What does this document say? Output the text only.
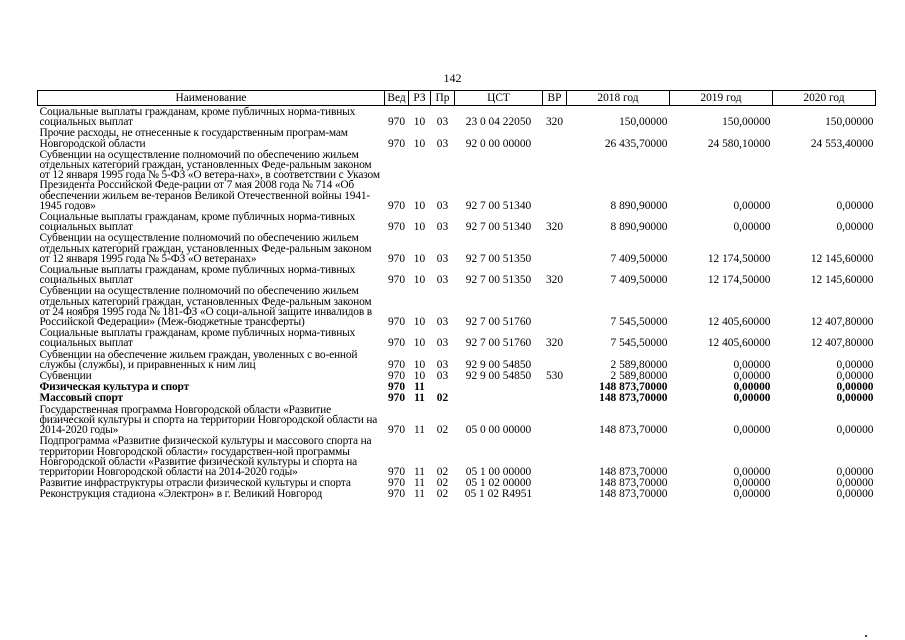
142
Наименование	Вед	РЗ	Пр	ЦСТ	ВР	2018 год	2019 год	2020 год
Социальные выплаты гражданам, кроме публичных норма-тивных социальных выплат	970	10	03	23 0 04 22050	320	150,00000	150,00000	150,00000
Прочие расходы, не отнесенные к государственным програм-мам Новгородской области	970	10	03	92 0 00 00000		26 435,70000	24 580,10000	24 553,40000
Субвенции на осуществление полномочий по обеспечению жильем отдельных категорий граждан, установленных Феде-ральным законом от 12 января 1995 года № 5-ФЗ «О ветера-нах», в соответствии с Указом Президента Российской Феде-рации от 7 мая 2008 года № 714 «Об обеспечении жильем ве-теранов Великой Отечественной войны 1941-1945 годов»	970	10	03	92 7 00 51340		8 890,90000	0,00000	0,00000
Социальные выплаты гражданам, кроме публичных норма-тивных социальных выплат	970	10	03	92 7 00 51340	320	8 890,90000	0,00000	0,00000
Субвенции на осуществление полномочий по обеспечению жильем отдельных категорий граждан, установленных Феде-ральным законом от 12 января 1995 года № 5-ФЗ «О ветеранах»	970	10	03	92 7 00 51350		7 409,50000	12 174,50000	12 145,60000
Социальные выплаты гражданам, кроме публичных норма-тивных социальных выплат	970	10	03	92 7 00 51350	320	7 409,50000	12 174,50000	12 145,60000
Субвенции на осуществление полномочий по обеспечению жильем отдельных категорий граждан, установленных Феде-ральным законом от 24 ноября 1995 года № 181-ФЗ «О соци-альной защите инвалидов в Российской Федерации» (Меж-бюджетные трансферты)	970	10	03	92 7 00 51760		7 545,50000	12 405,60000	12 407,80000
Социальные выплаты гражданам, кроме публичных норма-тивных социальных выплат	970	10	03	92 7 00 51760	320	7 545,50000	12 405,60000	12 407,80000
Субвенции на обеспечение жильем граждан, уволенных с во-енной службы (службы), и приравненных к ним лиц	970	10	03	92 9 00 54850		2 589,80000	0,00000	0,00000
Субвенции	970	10	03	92 9 00 54850	530	2 589,80000	0,00000	0,00000
Физическая культура и спорт	970	11				148 873,70000	0,00000	0,00000
Массовый спорт	970	11	02			148 873,70000	0,00000	0,00000
Государственная программа Новгородской области «Развитие физической культуры и спорта на территории Новгородской области на 2014-2020 годы»	970	11	02	05 0 00 00000		148 873,70000	0,00000	0,00000
Подпрограмма «Развитие физической культуры и массового спорта на территории Новгородской области» государствен-ной программы Новгородской области «Развитие физической культуры и спорта на территории Новгородской области на 2014-2020 годы»	970	11	02	05 1 00 00000		148 873,70000	0,00000	0,00000
Развитие инфраструктуры отрасли физической культуры и спорта	970	11	02	05 1 02 00000		148 873,70000	0,00000	0,00000
Реконструкция стадиона «Электрон» в г. Великий Новгород	970	11	02	05 1 02 R4951		148 873,70000	0,00000	0,00000
